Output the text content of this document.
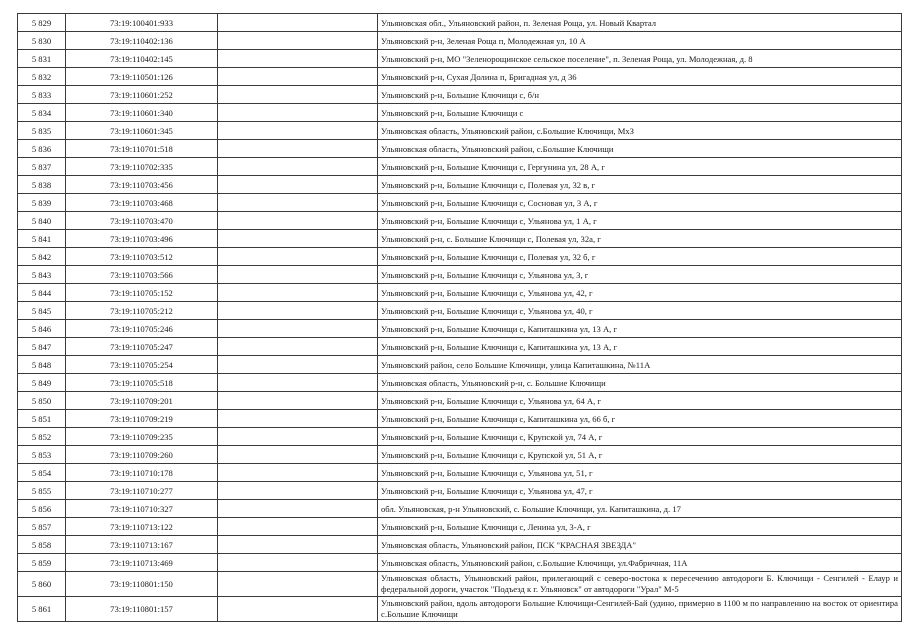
5 829	73:19:100401:933		Ульяновская обл., Ульяновский район, п. Зеленая Роща, ул. Новый Квартал
5 830	73:19:110402:136		Ульяновский р-н, Зеленая Роща п, Молодежная ул, 10 А
5 831	73:19:110402:145		Ульяновский р-н, МО "Зеленорощинское сельское поселение", п. Зеленая Роща, ул. Молодежная, д. 8
5 832	73:19:110501:126		Ульяновский р-н, Сухая Долина п, Бригадная ул, д 36
5 833	73:19:110601:252		Ульяновский р-н, Большие Ключищи с, б/н
5 834	73:19:110601:340		Ульяновский р-н, Большие Ключищи с
5 835	73:19:110601:345		Ульяновская область, Ульяновский район, с.Большие Ключищи, МхЗ
5 836	73:19:110701:518		Ульяновская область, Ульяновский район, с.Большие Ключищи
5 837	73:19:110702:335		Ульяновский р-н, Большие Ключищи с, Гергунина ул, 28 А, г
5 838	73:19:110703:456		Ульяновский р-н, Большие Ключищи с, Полевая ул, 32 в, г
5 839	73:19:110703:468		Ульяновский р-н, Большие Ключищи с, Сосновая ул, 3 А, г
5 840	73:19:110703:470		Ульяновский р-н, Большие Ключищи с, Ульянова ул, 1 А, г
5 841	73:19:110703:496		Ульяновский р-н, с. Большие Ключищи с, Полевая ул, 32а, г
5 842	73:19:110703:512		Ульяновский р-н, Большие Ключищи с, Полевая ул, 32 б, г
5 843	73:19:110703:566		Ульяновский р-н, Большие Ключищи с, Ульянова ул, 3, г
5 844	73:19:110705:152		Ульяновский р-н, Большие Ключищи с, Ульянова ул, 42, г
5 845	73:19:110705:212		Ульяновский р-н, Большие Ключищи с, Ульянова ул, 40, г
5 846	73:19:110705:246		Ульяновский р-н, Большие Ключищи с, Капиташкина ул, 13 А, г
5 847	73:19:110705:247		Ульяновский р-н, Большие Ключищи с, Капиташкина ул, 13 А, г
5 848	73:19:110705:254		Ульяновский район, село Большие Ключищи, улица Капиташкина, №11А
5 849	73:19:110705:518		Ульяновская область, Ульяновский р-н, с. Большие Ключищи
5 850	73:19:110709:201		Ульяновский р-н, Большие Ключищи с, Ульянова ул, 64 А, г
5 851	73:19:110709:219		Ульяновский р-н, Большие Ключищи с, Капиташкина ул, 66 б, г
5 852	73:19:110709:235		Ульяновский р-н, Большие Ключищи с, Крупской ул, 74 А, г
5 853	73:19:110709:260		Ульяновский р-н, Большие Ключищи с, Крупской ул, 51 А, г
5 854	73:19:110710:178		Ульяновский р-н, Большие Ключищи с, Ульянова ул, 51, г
5 855	73:19:110710:277		Ульяновский р-н, Большие Ключищи с, Ульянова ул, 47, г
5 856	73:19:110710:327		обл. Ульяновская, р-н Ульяновский, с. Большие Ключищи, ул. Капиташкина, д. 17
5 857	73:19:110713:122		Ульяновский р-н, Большие Ключищи с, Ленина ул, 3-А, г
5 858	73:19:110713:167		Ульяновская область, Ульяновский район, ПСК "КРАСНАЯ ЗВЕЗДА"
5 859	73:19:110713:469		Ульяновская область, Ульяновский район, с.Большие Ключищи, ул.Фабричная, 11А
5 860	73:19:110801:150		Ульяновская область, Ульяновский район, прилегающий с северо-востока к пересечению автодороги Б. Ключищи - Сенгилей - Елаур и федеральной дороги, участок "Подъезд к г. Ульяновск" от автодороги "Урал" М-5
5 861	73:19:110801:157		Ульяновский район, вдоль автодороги Большие Ключищи-Сенгилей-Бай (удино, примерно в 1100 м по направлению на восток от ориентира с.Большие Ключищи
